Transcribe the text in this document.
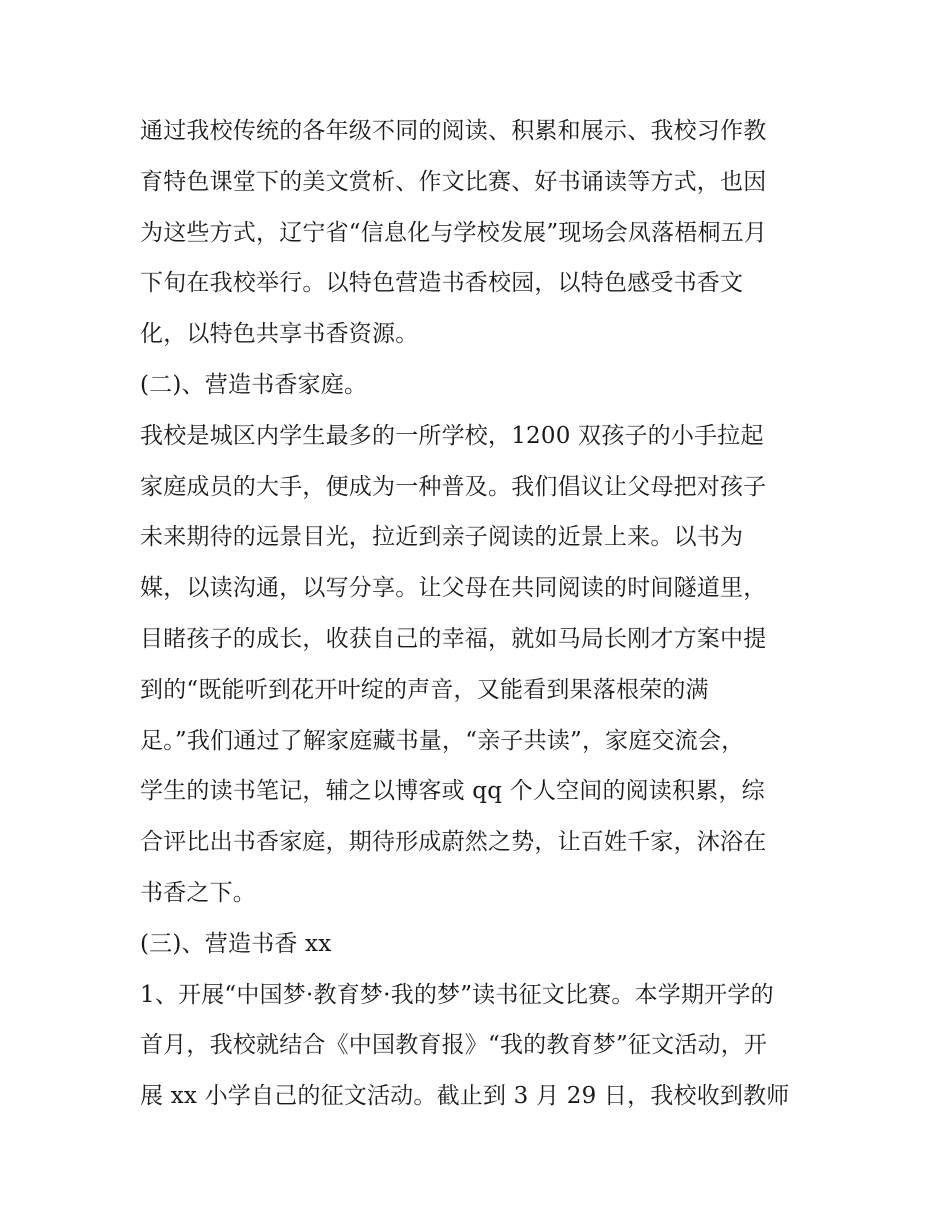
通过我校传统的各年级不同的阅读、积累和展示、我校习作教
育特色课堂下的美文赏析、作文比赛、好书诵读等方式，也因
为这些方式，辽宁省“信息化与学校发展”现场会凤落梧桐五月
下旬在我校举行。以特色营造书香校园，以特色感受书香文
化，以特色共享书香资源。
(二)、营造书香家庭。
我校是城区内学生最多的一所学校，1200 双孩子的小手拉起
家庭成员的大手，便成为一种普及。我们倡议让父母把对孩子
未来期待的远景目光，拉近到亲子阅读的近景上来。以书为
媒，以读沟通，以写分享。让父母在共同阅读的时间隧道里，
目睹孩子的成长，收获自己的幸福，就如马局长刚才方案中提
到的“既能听到花开叶绽的声音，又能看到果落根荣的满
足。”我们通过了解家庭藏书量，“亲子共读”，家庭交流会，
学生的读书笔记，辅之以博客或 qq 个人空间的阅读积累，综
合评比出书香家庭，期待形成蔚然之势，让百姓千家，沐浴在
书香之下。
(三)、营造书香 xx
1、开展“中国梦·教育梦·我的梦”读书征文比赛。本学期开学的
首月，我校就结合《中国教育报》“我的教育梦”征文活动，开
展 xx 小学自己的征文活动。截止到 3 月 29 日，我校收到教师
